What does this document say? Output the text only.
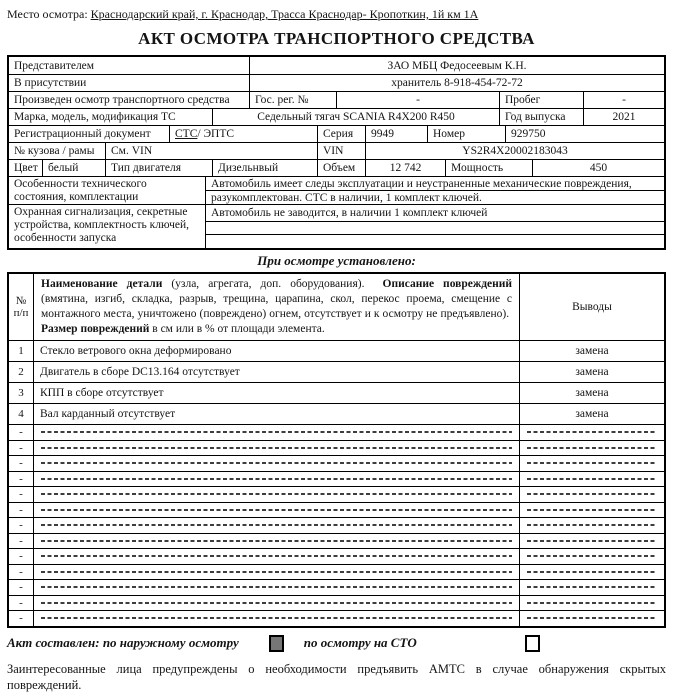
Место осмотра: Краснодарский край, г. Краснодар, Трасса Краснодар- Кропоткин, 1й км 1А
АКТ ОСМОТРА ТРАНСПОРТНОГО СРЕДСТВА
Представителем	ЗАО МБЦ Федосеевым К.Н.
В присутствии	хранитель 8-918-454-72-72
Произведен осмотр транспортного средства	Гос. рег. №	-	Пробег	-
Марка, модель, модификация ТС	Седельный тягач SCANIA R4X200 R450	Год выпуска	2021
Регистрационный документ	СТС / ЭПТС	Серия	9949	Номер	929750
№ кузова / рамы	См. VIN	VIN	YS2R4X20002183043
Цвет белый	Тип двигателя	Дизельнвый	Объем	12 742	Мощность	450
Особенности технического состояния, комплектации
Автомобиль имеет следы эксплуатации и неустраненные механические повреждения,
разукомплектован. СТС в наличии, 1 комплект ключей.
Охранная сигнализация, секретные устройства, комплектность ключей, особенности запуска
Автомобиль не заводится, в наличии 1 комплект ключей
При осмотре установлено:
№
п/п
Наименование детали (узла, агрегата, доп. оборудования).  Описание повреждений (вмятина, изгиб, складка, разрыв, трещина, царапина, скол, перекос проема, смещение с монтажного места, уничтожено (повреждено) огнем, отсутствует и к осмотру не предъявлено).  Размер повреждений в см или в % от площади элемента.
Выводы
1	Стекло ветрового окна деформировано	замена
2	Двигатель в сборе DC13.164 отсутствует	замена
3	КПП в сборе отсутствует	замена
4	Вал карданный отсутствует	замена
-
-
-
-
-
-
-
-
-
-
-
-
-
Акт составлен: по наружному осмотру	по осмотру на СТО
Заинтересованные лица предупреждены о необходимости предъявить АМТС в случае обнаружения скрытых
повреждений.
